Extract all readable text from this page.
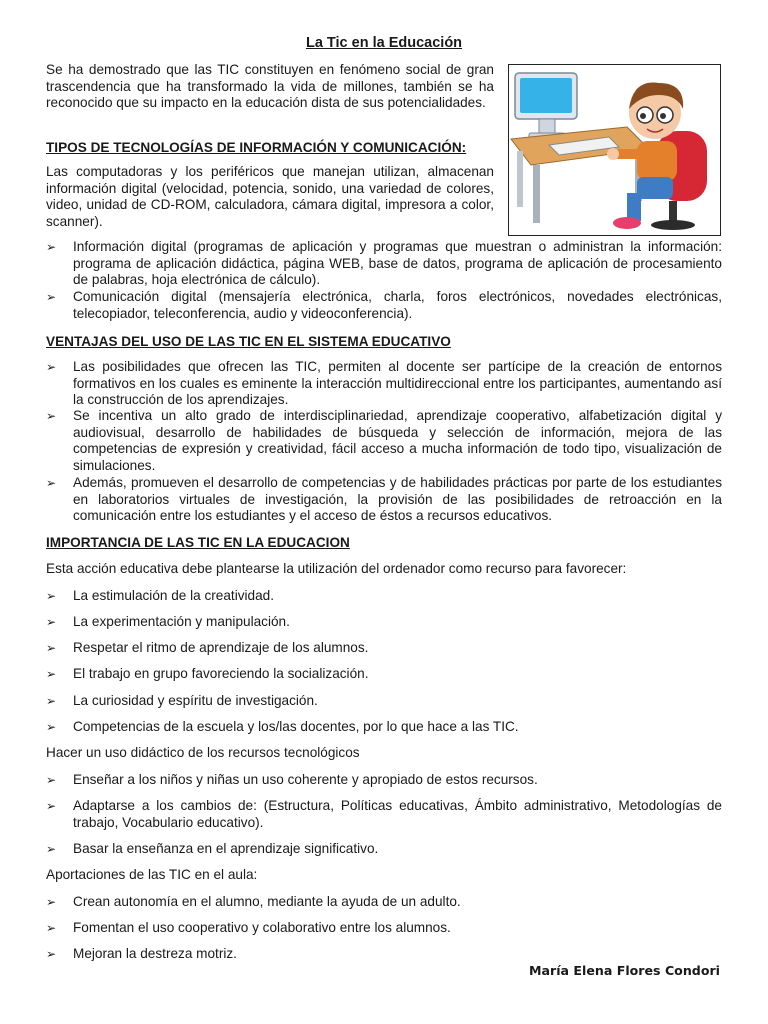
La Tic en la Educación

Se ha demostrado que las TIC constituyen en fenómeno social de gran trascendencia que ha transformado la vida de millones, también se ha reconocido que su impacto en la educación dista de sus potencialidades.

TIPOS DE TECNOLOGÍAS DE INFORMACIÓN Y COMUNICACIÓN:

Las computadoras y los periféricos que manejan utilizan, almacenan información digital (velocidad, potencia, sonido, una variedad de colores, video, unidad de CD-ROM, calculadora, cámara digital, impresora a color, scanner).

➢ Información digital (programas de aplicación y programas que muestran o administran la información: programa de aplicación didáctica, página WEB, base de datos, programa de aplicación de procesamiento de palabras, hoja electrónica de cálculo).

➢ Comunicación digital (mensajería electrónica, charla, foros electrónicos, novedades electrónicas, telecopiador, teleconferencia, audio y videoconferencia).

VENTAJAS DEL USO DE LAS TIC EN EL SISTEMA EDUCATIVO
➢ Las posibilidades que ofrecen las TIC, permiten al docente ser partícipe de la creación de entornos formativos en los cuales es eminente la interacción multidireccional entre los participantes, aumentando así la construcción de los aprendizajes.

➢ Se incentiva un alto grado de interdisciplinariedad, aprendizaje cooperativo, alfabetización digital y audiovisual, desarrollo de habilidades de búsqueda y selección de información, mejora de las competencias de expresión y creatividad, fácil acceso a mucha información de todo tipo, visualización de simulaciones.

➢ Además, promueven el desarrollo de competencias y de habilidades prácticas por parte de los estudiantes en laboratorios virtuales de investigación, la provisión de las posibilidades de retroacción en la comunicación entre los estudiantes y el acceso de éstos a recursos educativos.

IMPORTANCIA DE LAS TIC EN LA EDUCACION

Esta acción educativa debe plantearse la utilización del ordenador como recurso para favorecer:

➢ La estimulación de la creatividad.

➢ La experimentación y manipulación.

➢ Respetar el ritmo de aprendizaje de los alumnos.

➢ El trabajo en grupo favoreciendo la socialización.

➢ La curiosidad y espíritu de investigación.

➢ Competencias de la escuela y los/las docentes, por lo que hace a las TIC.

Hacer un uso didáctico de los recursos tecnológicos

➢ Enseñar a los niños y niñas un uso coherente y apropiado de estos recursos.

➢ Adaptarse a los cambios de: (Estructura, Políticas educativas, Ámbito administrativo, Metodologías de trabajo, Vocabulario educativo).

➢ Basar la enseñanza en el aprendizaje significativo.

Aportaciones de las TIC en el aula:

➢ Crean autonomía en el alumno, mediante la ayuda de un adulto.

➢ Fomentan el uso cooperativo y colaborativo entre los alumnos.

➢ Mejoran la destreza motriz.

María Elena Flores Condori
